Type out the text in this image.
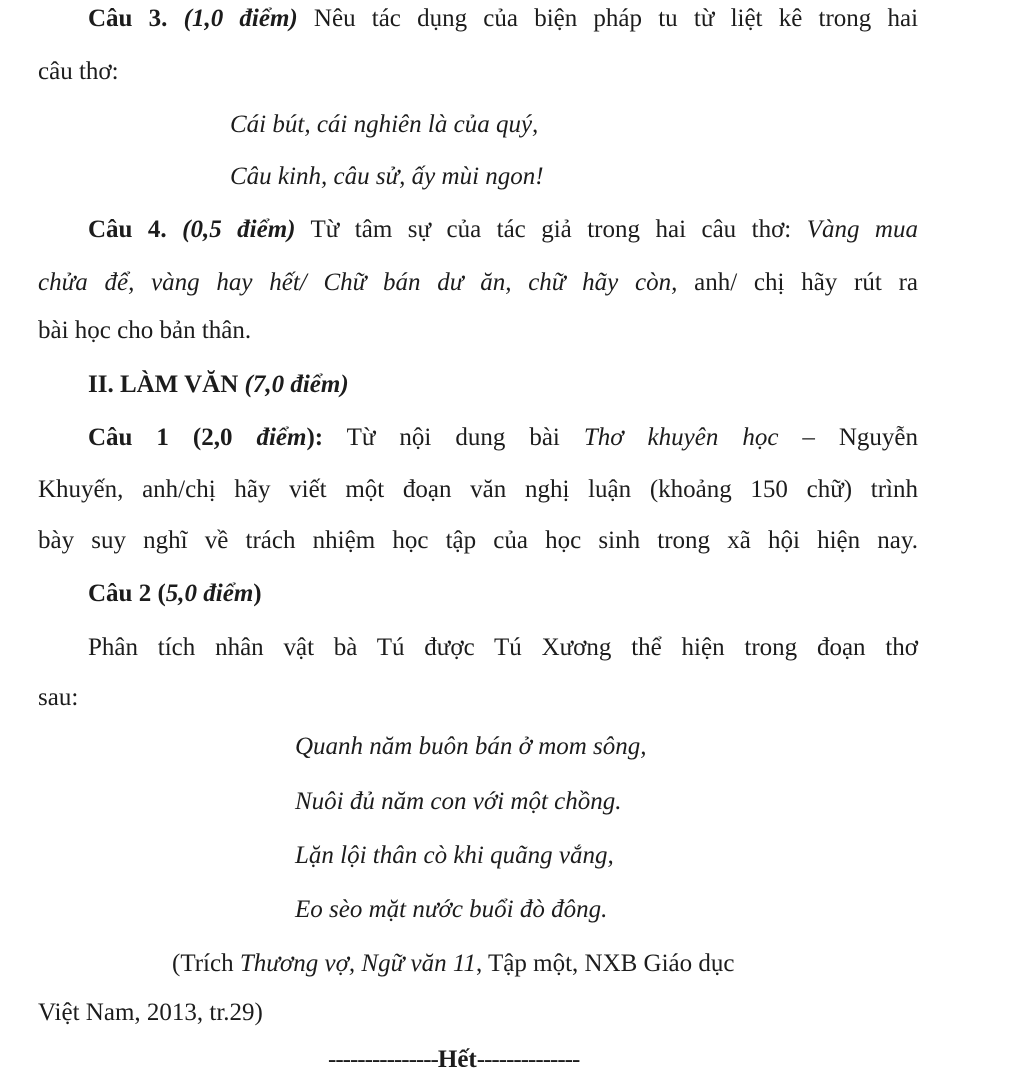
Câu 3. (1,0 điểm) Nêu tác dụng của biện pháp tu từ liệt kê trong hai
câu thơ:
Cái bút, cái nghiên là của quý,
Câu kinh, câu sử, ấy mùi ngon!
Câu 4. (0,5 điểm) Từ tâm sự của tác giả trong hai câu thơ: Vàng mua
chửa để, vàng hay hết/ Chữ bán dư ăn, chữ hãy còn, anh/ chị hãy rút ra
bài học cho bản thân.
II. LÀM VĂN (7,0 điểm)
Câu 1 (2,0 điểm): Từ nội dung bài Thơ khuyên học – Nguyễn
Khuyến, anh/chị hãy viết một đoạn văn nghị luận (khoảng 150 chữ) trình
bày suy nghĩ về trách nhiệm học tập của học sinh trong xã hội hiện nay.
Câu 2 (5,0 điểm)
Phân tích nhân vật bà Tú được Tú Xương thể hiện trong đoạn thơ
sau:
Quanh năm buôn bán ở mom sông,
Nuôi đủ năm con với một chồng.
Lặn lội thân cò khi quãng vắng,
Eo sèo mặt nước buổi đò đông.
(Trích Thương vợ, Ngữ văn 11, Tập một, NXB Giáo dục
Việt Nam, 2013, tr.29)
---------------Hết--------------
